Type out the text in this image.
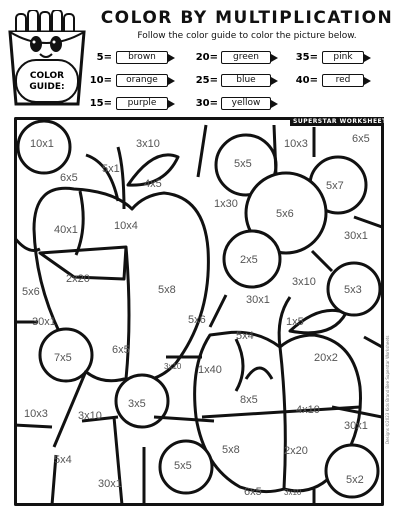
COLOR BY MULTIPLICATION
Follow the color guide to color the picture below.
COLOR
GUIDE:
5=	brown	20=	green	35=	pink
10=	orange	25=	blue	40=	red
15=	purple	30=	yellow
10x1
6x5
5x1
3x10
4x5
5x5
10x3	6x5
1x30
5x7
40x1	10x4
5x6
2x5
30x1
2x20
5x6	5x8
3x10
5x3
30x1
30x1
5x6
5x4
1x5
7x5
6x5
20x2
3x10 1x40
3x5	8x5
4x10
10x3	3x10
30x1
5x4	5x5
5x8	2x20
5x2
30x1
6x5	3x10
SUPERSTAR WORKSHEETS
Designs ©2023 Kids Brand Bee Superstar Worksheets
